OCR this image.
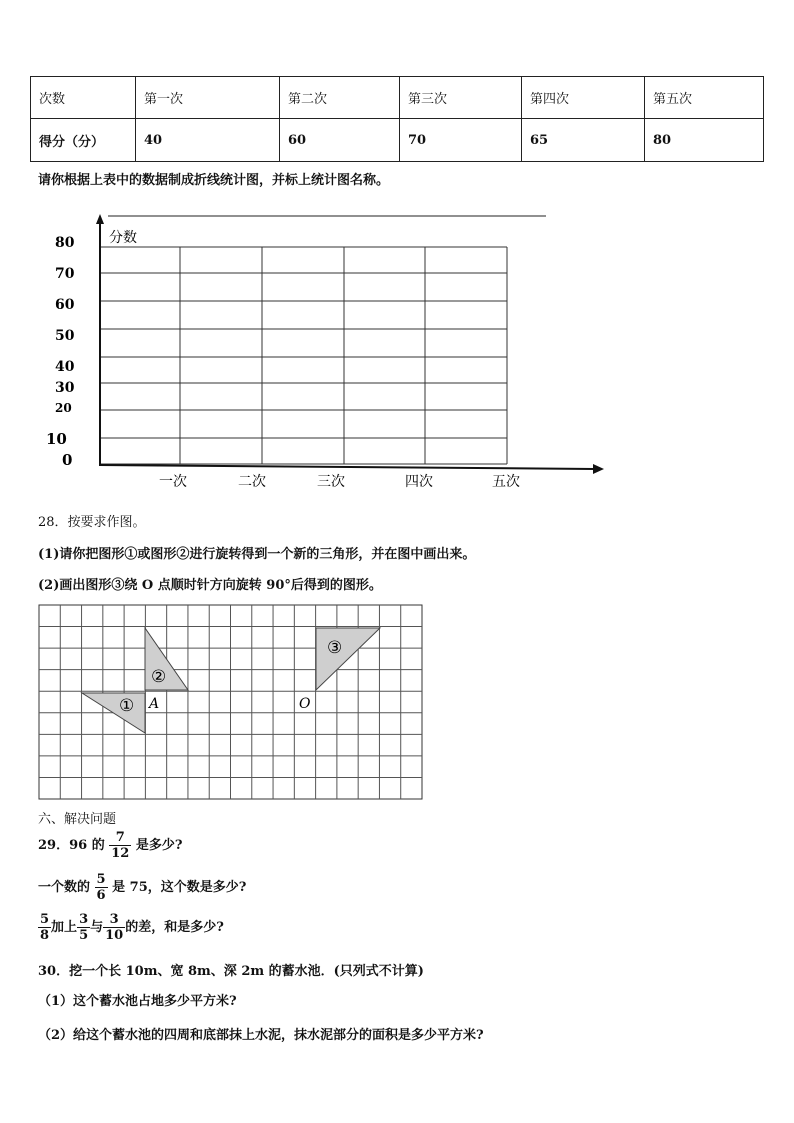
次数	第一次	第二次	第三次	第四次	第五次
得分（分）	40	60	70	65	80
请你根据上表中的数据制成折线统计图，并标上统计图名称。
分数
80
70
60
50
40
30
20
10
0
一次	二次	三次	四次	五次
28．按要求作图。
(1)请你把图形①或图形②进行旋转得到一个新的三角形，并在图中画出来。
(2)画出图形③绕 O 点顺时针方向旋转 90°后得到的图形。
①
②
③
A	O
六、解决问题
29．96 的 $\frac{7}{12}$ 是多少?
一个数的 $\frac{5}{6}$ 是 75，这个数是多少?
$\frac{5}{8}$ 加上 $\frac{3}{5}$ 与 $\frac{3}{10}$ 的差，和是多少?
30．挖一个长 10m、宽 8m、深 2m 的蓄水池．(只列式不计算)
（1）这个蓄水池占地多少平方米?
（2）给这个蓄水池的四周和底部抹上水泥，抹水泥部分的面积是多少平方米?
